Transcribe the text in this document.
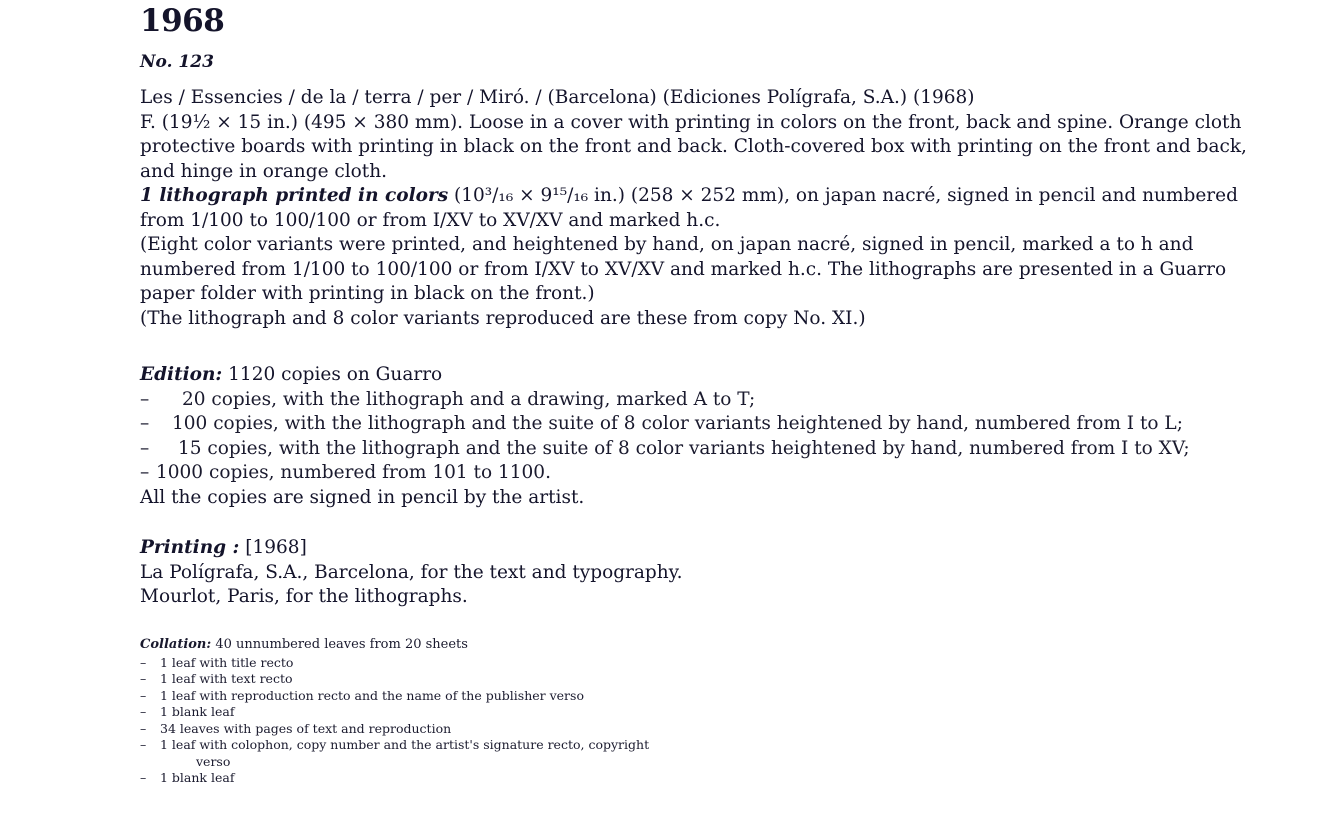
1968
No. 123

Les / Essencies / de la / terra / per / Miró. / (Barcelona) (Ediciones Polígrafa, S.A.) (1968)

F. (19½ × 15 in.) (495 × 380 mm). Loose in a cover with printing in colors on the front, back and spine. Orange cloth protective boards with printing in black on the front and back. Cloth-covered box with printing on the front and back, and hinge in orange cloth.

1 lithograph printed in colors (10³/₁₆ × 9¹⁵/₁₆ in.) (258 × 252 mm), on japan nacré, signed in pencil and numbered from 1/100 to 100/100 or from I/XV to XV/XV and marked h.c.

(Eight color variants were printed, and heightened by hand, on japan nacré, signed in pencil, marked a to h and numbered from 1/100 to 100/100 or from I/XV to XV/XV and marked h.c. The lithographs are presented in a Guarro paper folder with printing in black on the front.)

(The lithograph and 8 color variants reproduced are these from copy No. XI.)

Edition: 1120 copies on Guarro

–	20 copies, with the lithograph and a drawing, marked A to T;
–	100 copies, with the lithograph and the suite of 8 color variants heightened by hand, numbered from I to L;
–	15 copies, with the lithograph and the suite of 8 color variants heightened by hand, numbered from I to XV;
– 1000 copies, numbered from 101 to 1100.

All the copies are signed in pencil by the artist.

Printing : [1968]

La Polígrafa, S.A., Barcelona, for the text and typography.

Mourlot, Paris, for the lithographs.

Collation: 40 unnumbered leaves from 20 sheets
–	1 leaf with title recto
–	1 leaf with text recto
–	1 leaf with reproduction recto and the name of the publisher verso
–	1 blank leaf
–	34 leaves with pages of text and reproduction
–	1 leaf with colophon, copy number and the artist's signature recto, copyright
verso
–	1 blank leaf
